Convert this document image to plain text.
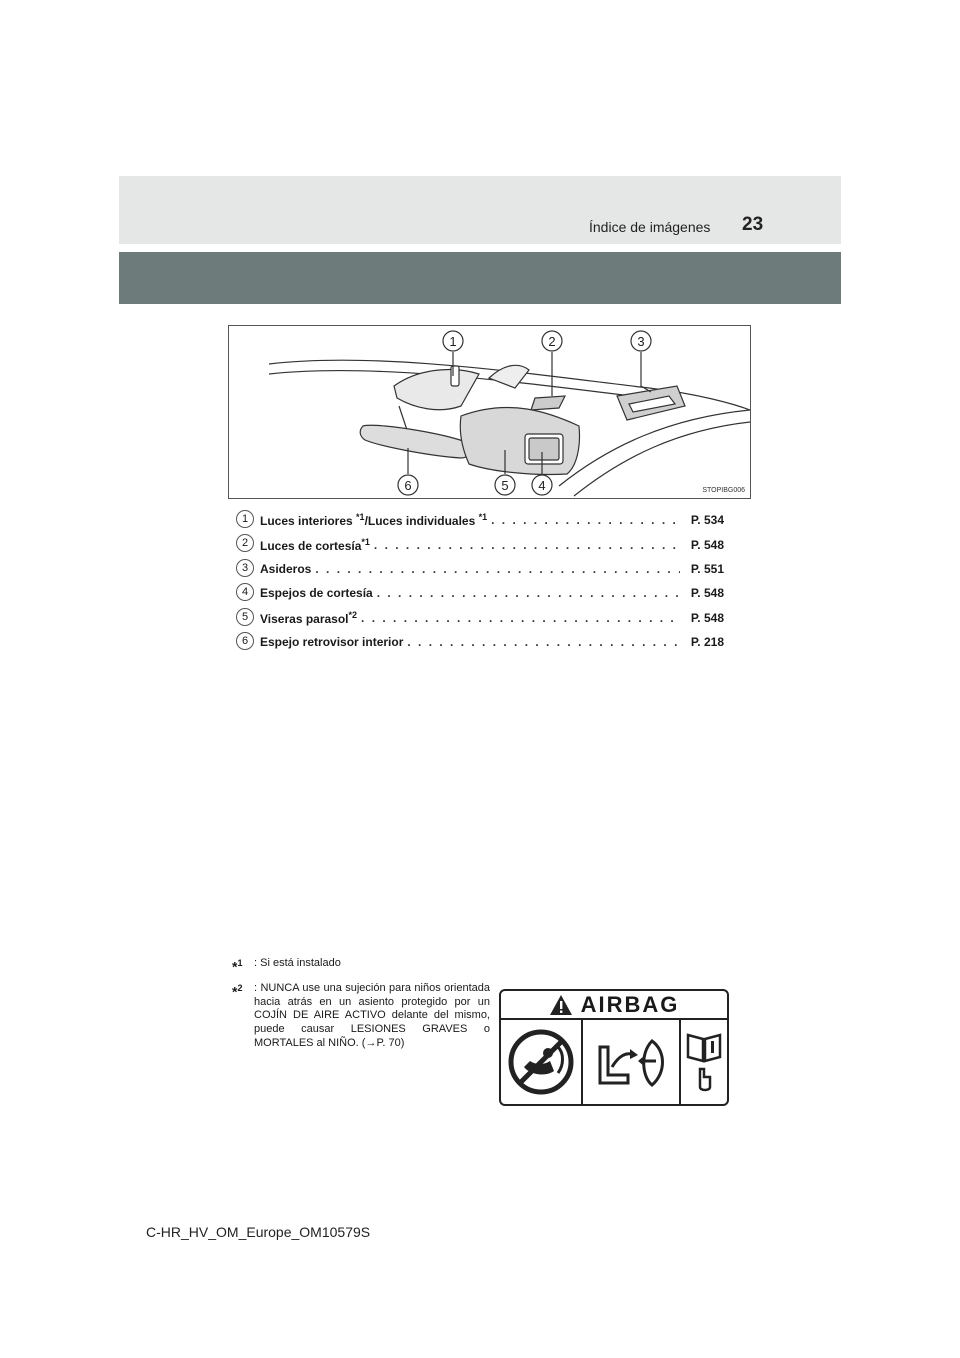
Índice de imágenes 23
1	2	3
4
5
6	STOPIBG006
1 Luces interiores $^{*1}$/Luces individuales $^{*1}$ . . .	P. 534
2 Luces de cortesía$^{*1}$ . . .	P. 548
3 Asideros . . .	P. 551
4 Espejos de cortesía . . .	P. 548
5 Viseras parasol$^{*2}$ . . .	P. 548
6 Espejo retrovisor interior . . .	P. 218
*$^1$	: Si está instalado
*$^2$	: NUNCA use una sujeción para niños orientada hacia atrás en un asiento protegido por un COJÍN DE AIRE ACTIVO delante del mismo, puede causar LESIONES GRAVES o MORTALES al NIÑO. (→P. 70)
AIRBAG
C-HR_HV_OM_Europe_OM10579S
